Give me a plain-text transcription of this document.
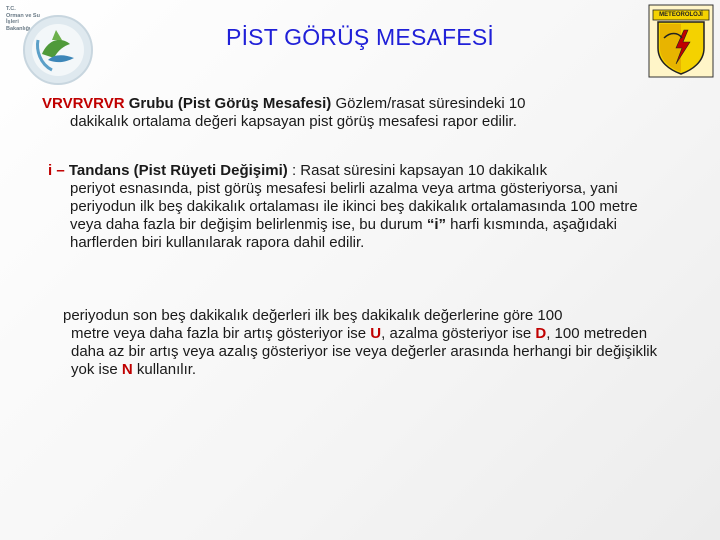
T.C.
Orman ve Su İşleri
Bakanlığı
METEOROLOJİ
PİST GÖRÜŞ MESAFESİ
VRVRVRVR Grubu (Pist Görüş Mesafesi) Gözlem/rasat süresindeki 10
dakikalık ortalama değeri kapsayan pist görüş mesafesi rapor edilir.
i – Tandans (Pist Rüyeti Değişimi) : Rasat süresini kapsayan 10 dakikalık
periyot esnasında, pist görüş mesafesi belirli azalma veya artma gösteriyorsa, yani periyodun ilk beş dakikalık ortalaması ile ikinci beş dakikalık ortalamasında 100 metre veya daha fazla bir değişim belirlenmiş ise, bu durum “i” harfi kısmında, aşağıdaki harflerden biri kullanılarak rapora dahil edilir.
periyodun son beş dakikalık değerleri ilk beş dakikalık değerlerine göre 100
metre veya daha fazla bir artış gösteriyor ise U, azalma gösteriyor ise D, 100 metreden daha az bir artış veya azalış gösteriyor ise veya değerler arasında herhangi bir değişiklik yok ise N kullanılır.
